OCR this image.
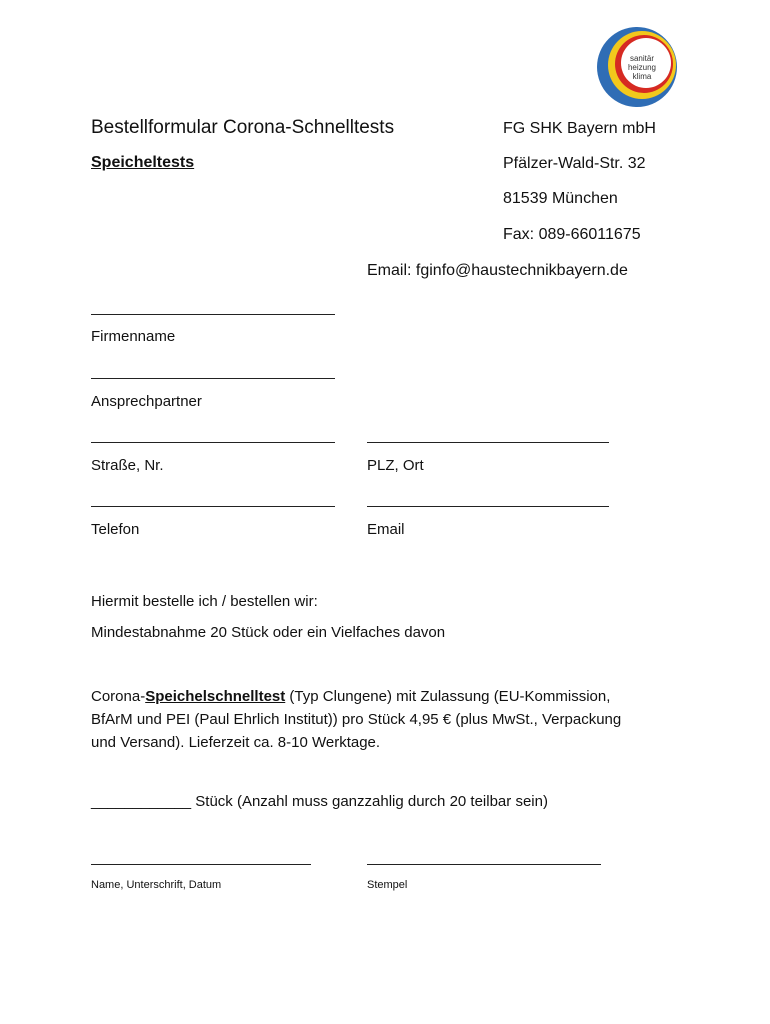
sanitär
heizung
klima
Bestellformular Corona-Schnelltests
Speicheltests
FG SHK Bayern mbH
Pfälzer-Wald-Str. 32
81539 München
Fax: 089-66011675
Email: fginfo@haustechnikbayern.de
Firmenname
Ansprechpartner
Straße, Nr.	PLZ, Ort
Telefon	Email
Hiermit bestelle ich / bestellen wir:
Mindestabnahme 20 Stück oder ein Vielfaches davon
Corona-Speichelschnelltest (Typ Clungene) mit Zulassung (EU-Kommission,
BfArM und PEI (Paul Ehrlich Institut)) pro Stück 4,95 € (plus MwSt., Verpackung
und Versand). Lieferzeit ca. 8-10 Werktage.
____________ Stück (Anzahl muss ganzzahlig durch 20 teilbar sein)
Name, Unterschrift, Datum	Stempel
